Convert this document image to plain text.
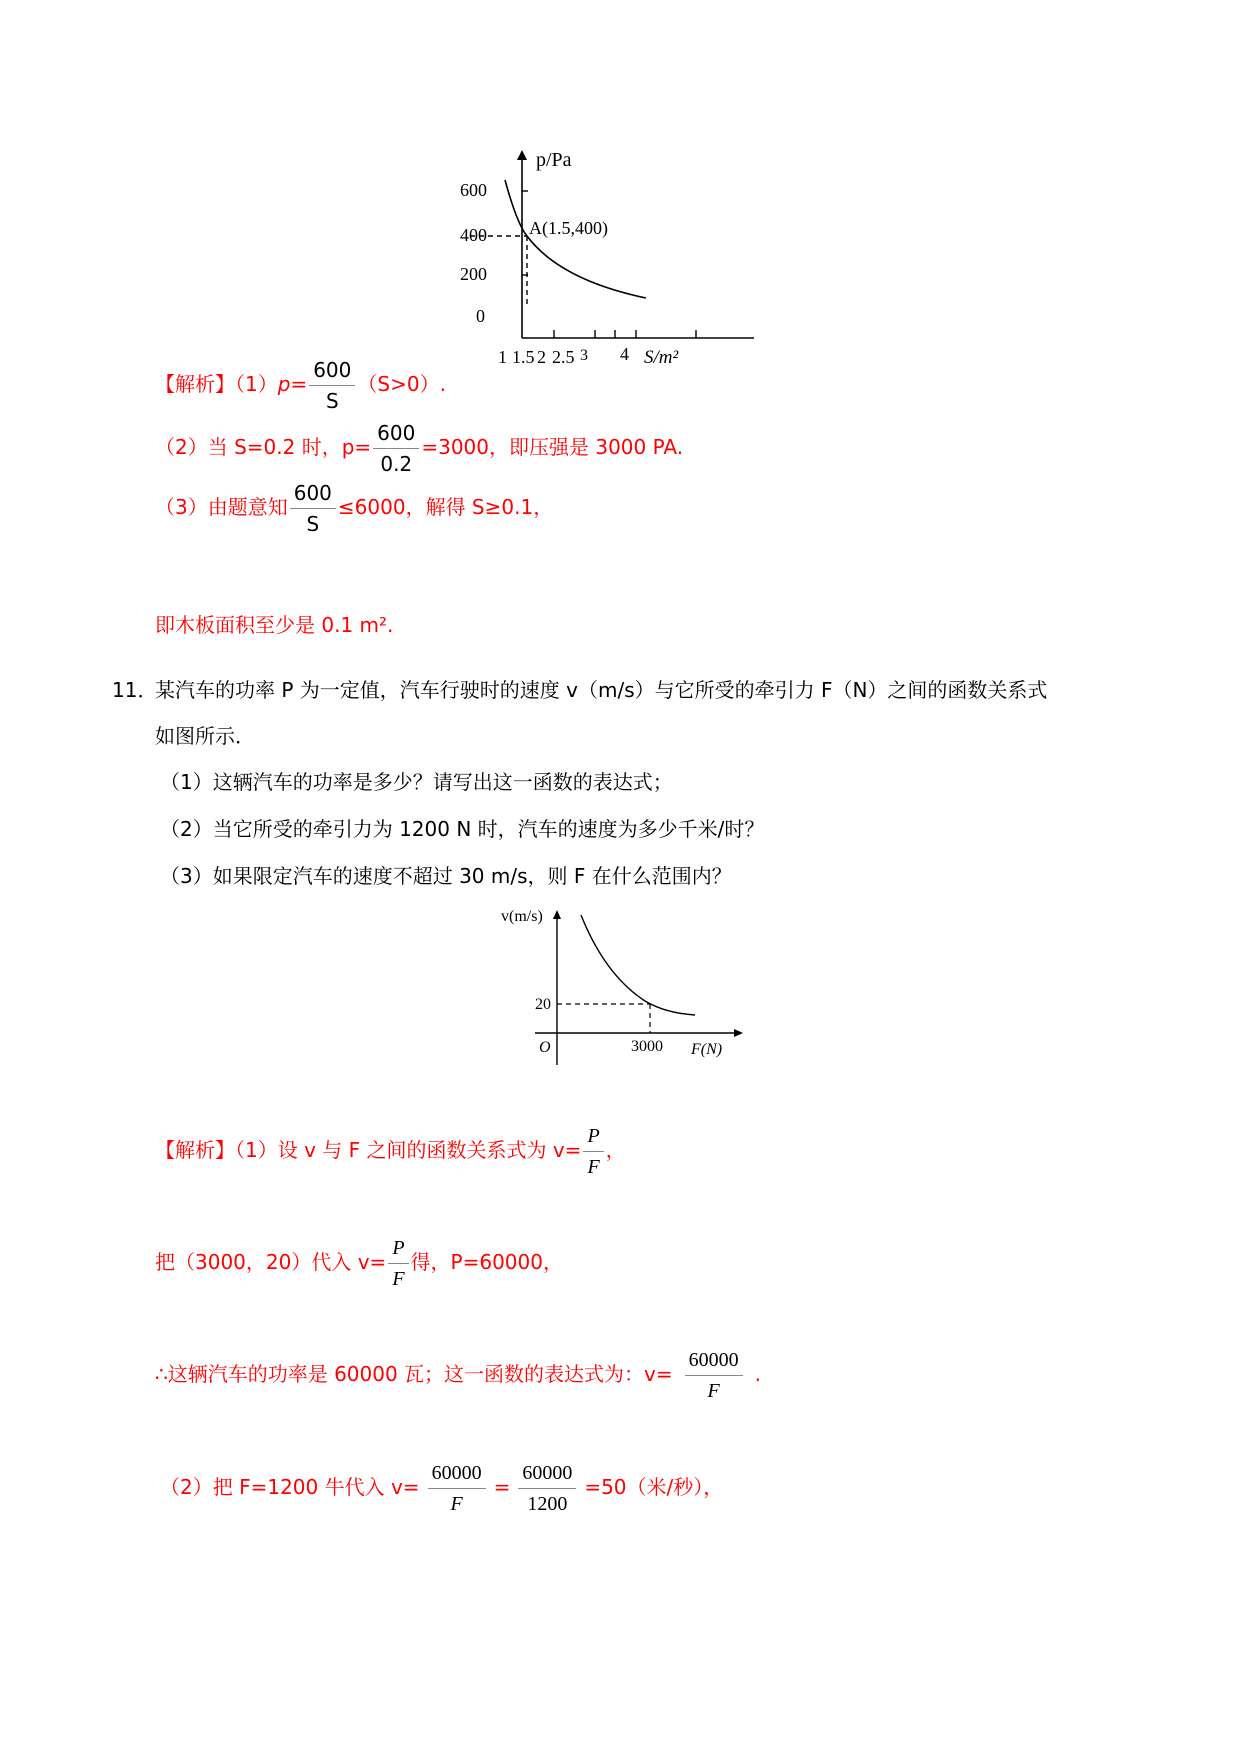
p/Pa
600
400
200
0
1 1.5 2 2.5 3 4 S/m²
A(1.5,400)
【解析】$(1)p= \frac{600}{S} (S>0)$.
（2）当 S=0.2 时，$p= \frac{600}{0.2} =3000$，即压强是 3000 PA.
（3）由题意知 $\frac{600}{S} \le 6000$，解得 S≥0.1，
即木板面积至少是 0.1 m².
11．
某汽车的功率 P 为一定值，汽车行驶时的速度 v（m/s）与它所受的牵引力 F（N）之间的函数关系式
如图所示．
（1）这辆汽车的功率是多少？请写出这一函数的表达式；
（2）当它所受的牵引力为 1200 N 时，汽车的速度为多少千米/时？
（3）如果限定汽车的速度不超过 30 m/s，则 F 在什么范围内？
v(m/s)
O
20
3000 F(N)
【解析】（1）设 v 与 F 之间的函数关系式为 $v= \frac{P}{F}$ ，
把（3000，20）代入 $v= \frac{P}{F}$ 得，P=60000，
∴这辆汽车的功率是 60000 瓦；这一函数的表达式为：$v= \frac{60000}{F}$ .
（2）把 F=1200 牛代入 $v= \frac{60000}{F} = \frac{60000}{1200} =50$（米/秒），
